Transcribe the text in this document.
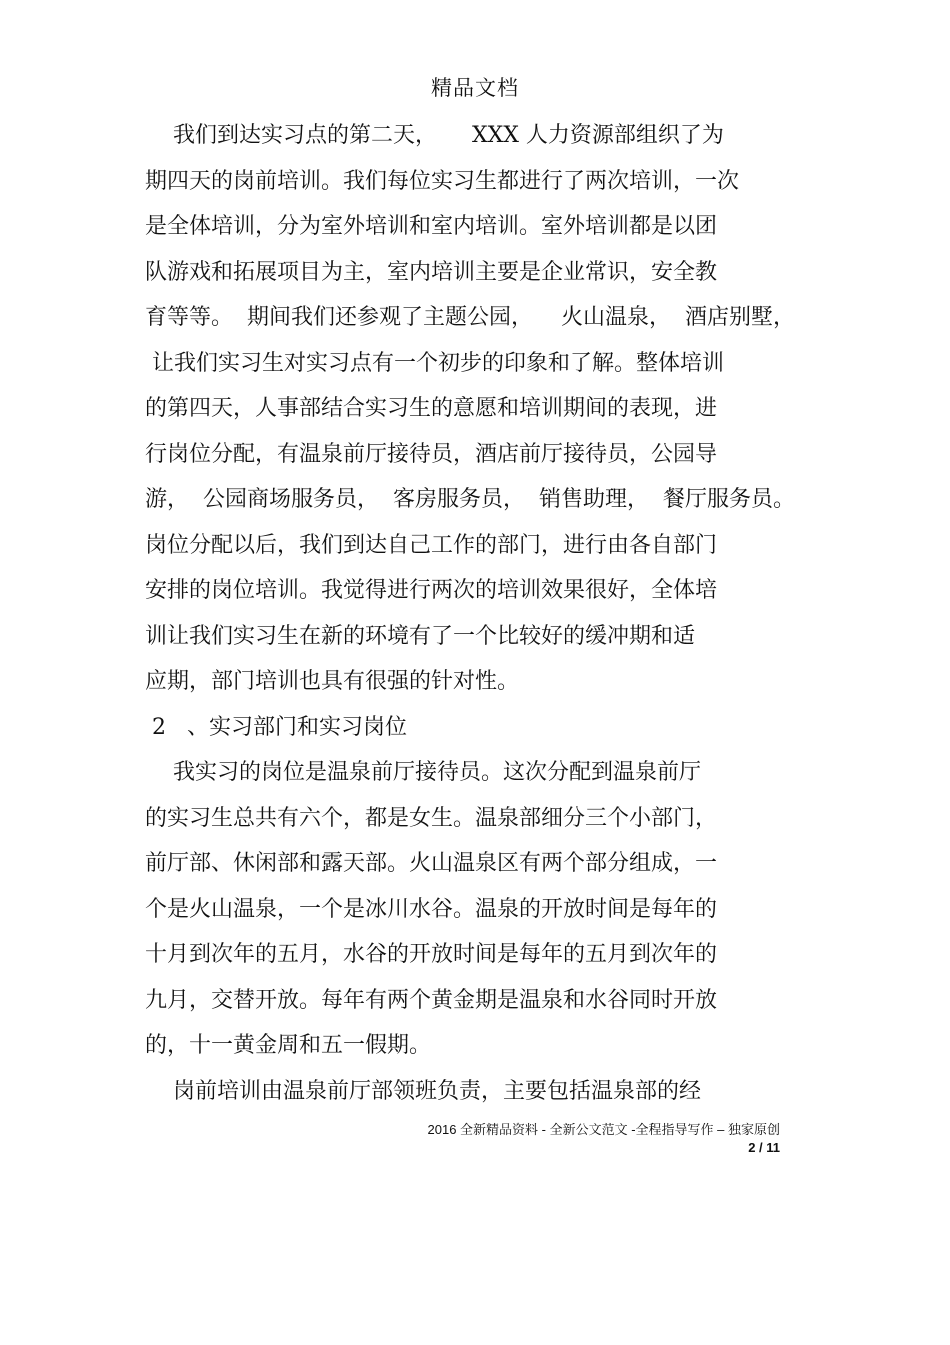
精品文档
我们到达实习点的第二天，     XXX 人力资源部组织了为
期四天的岗前培训。我们每位实习生都进行了两次培训，一次
是全体培训，分为室外培训和室内培训。室外培训都是以团
队游戏和拓展项目为主，室内培训主要是企业常识，安全教
育等等。  期间我们还参观了主题公园，    火山温泉，  酒店别墅，
让我们实习生对实习点有一个初步的印象和了解。整体培训
的第四天，人事部结合实习生的意愿和培训期间的表现，进
行岗位分配，有温泉前厅接待员，酒店前厅接待员，公园导
游，  公园商场服务员，  客房服务员，  销售助理，  餐厅服务员。
岗位分配以后，我们到达自己工作的部门，进行由各自部门
安排的岗位培训。我觉得进行两次的培训效果很好，全体培
训让我们实习生在新的环境有了一个比较好的缓冲期和适
应期，部门培训也具有很强的针对性。
2   、实习部门和实习岗位
我实习的岗位是温泉前厅接待员。这次分配到温泉前厅
的实习生总共有六个，都是女生。温泉部细分三个小部门，
前厅部、休闲部和露天部。火山温泉区有两个部分组成，一
个是火山温泉，一个是冰川水谷。温泉的开放时间是每年的
十月到次年的五月，水谷的开放时间是每年的五月到次年的
九月，交替开放。每年有两个黄金期是温泉和水谷同时开放
的，十一黄金周和五一假期。
岗前培训由温泉前厅部领班负责，主要包括温泉部的经
2016 全新精品资料 - 全新公文范文 -全程指导写作 – 独家原创
2 / 11
